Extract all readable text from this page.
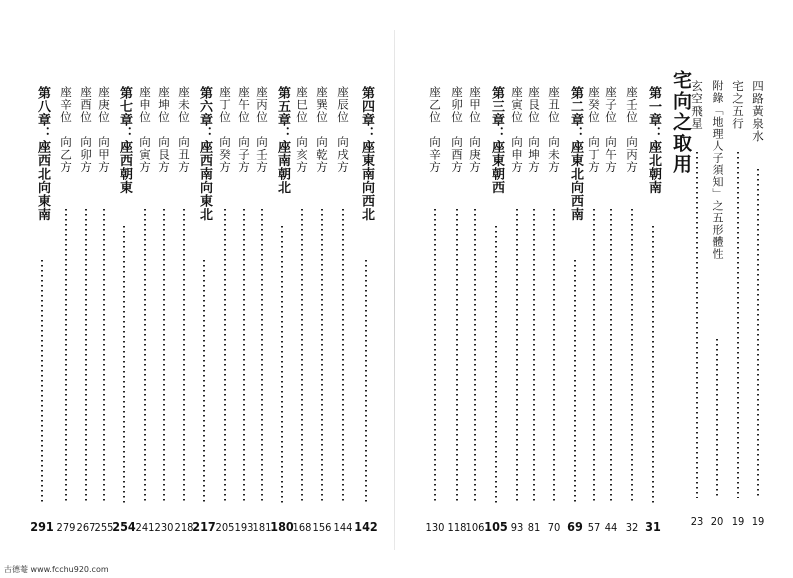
第四章：座東南向西北
142
座辰位　向戌方
144
座巽位　向乾方
156
座巳位　向亥方
168
第五章：座南朝北
180
座丙位　向壬方
181
座午位　向子方
193
座丁位　向癸方
205
第六章：座西南向東北
217
座未位　向丑方
218
座坤位　向艮方
230
座申位　向寅方
241
第七章：座西朝東
254
座庚位　向甲方
255
座酉位　向卯方
267
座辛位　向乙方
279
第八章：座西北向東南
291
四路黃泉水
19
宅之五行
19
附錄「地理人子須知」之五形體性
20
玄空飛星
23
宅向之取用
第一章：座北朝南
31
座壬位　向丙方
32
座子位　向午方
44
座癸位　向丁方
57
第二章：座東北向西南
69
座丑位　向未方
70
座艮位　向坤方
81
座寅位　向申方
93
第三章：座東朝西
105
座甲位　向庚方
106
座卯位　向酉方
118
座乙位　向辛方
130
古德菴 www.fcchu920.com
